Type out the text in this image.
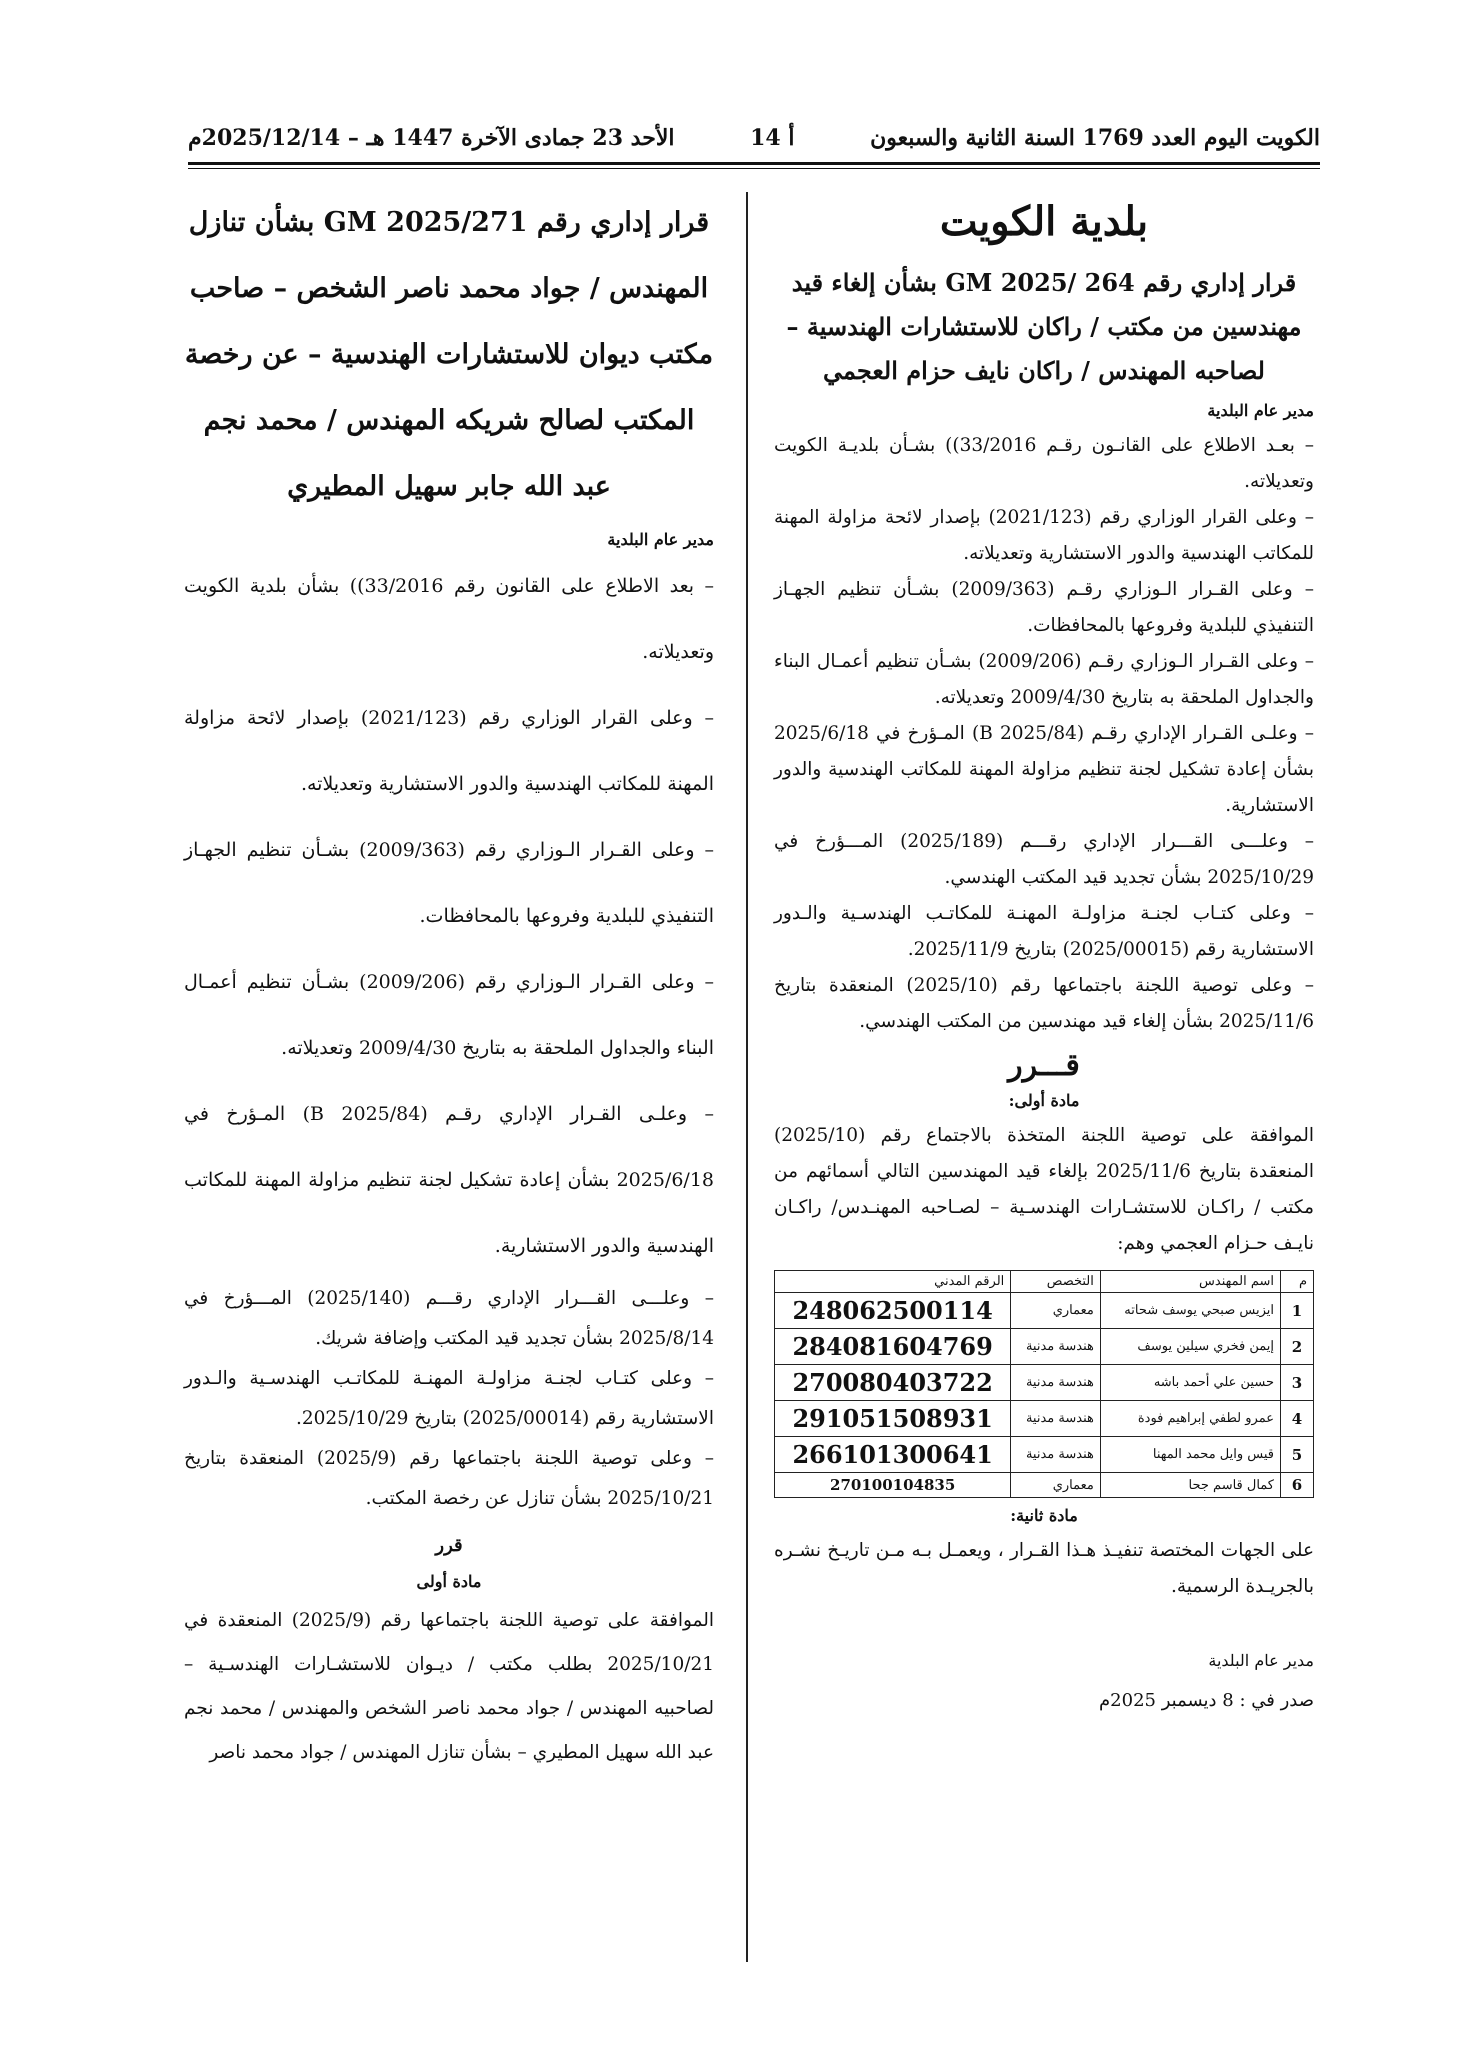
الكويت اليوم العدد 1769 السنة الثانية والسبعون
أ 14
الأحد 23 جمادى الآخرة 1447 هـ – 2025/12/14م
بلدية الكويت
قرار إداري رقم 264 /2025 GM بشأن إلغاء قيد مهندسين من مكتب / راكان للاستشارات الهندسية – لصاحبه المهندس / راكان نايف حزام العجمي
مدير عام البلدية

– بعـد الاطلاع على القانـون رقـم 33/2016)) بشـأن بلديـة الكويت وتعديلاته.

– وعلى القرار الوزاري رقم (2021/123) بإصدار لائحة مزاولة المهنة للمكاتب الهندسية والدور الاستشارية وتعديلاته.

– وعلى القـرار الـوزاري رقـم (2009/363) بشـأن تنظيم الجهـاز التنفيذي للبلدية وفروعها بالمحافظات.

– وعلى القـرار الـوزاري رقـم (2009/206) بشـأن تنظيم أعمـال البناء والجداول الملحقة به بتاريخ 2009/4/30 وتعديلاته.

– وعلـى القـرار الإداري رقـم (2025/84 B) المـؤرخ في 2025/6/18 بشأن إعادة تشكيل لجنة تنظيم مزاولة المهنة للمكاتب الهندسية والدور الاستشارية.

– وعلـــى القـــرار الإداري رقـــم (2025/189) المـــؤرخ في 2025/10/29 بشأن تجديد قيد المكتب الهندسي.

– وعلى كتـاب لجنـة مزاولـة المهنـة للمكاتـب الهندسـية والـدور الاستشارية رقم (2025/00015) بتاريخ 2025/11/9.

– وعلى توصية اللجنة باجتماعها رقم (2025/10) المنعقدة بتاريخ 2025/11/6 بشأن إلغاء قيد مهندسين من المكتب الهندسي.

قـــرر
مادة أولى:

الموافقة على توصية اللجنة المتخذة بالاجتماع رقم (2025/10) المنعقدة بتاريخ 2025/11/6 بإلغاء قيد المهندسين التالي أسمائهم من مكتب / راكـان للاستشـارات الهندسـية – لصـاحبه المهنـدس/ راكـان نايـف حـزام العجمي وهم:

م	اسم المهندس	التخصص	الرقم المدني
1	ايزيس صبحي يوسف شحاته	معماري	248062500114
2	إيمن فخري سيلين يوسف	هندسة مدنية	284081604769
3	حسين علي أحمد باشه	هندسة مدنية	270080403722
4	عمرو لطفي إبراهيم فودة	هندسة مدنية	291051508931
5	قيس وايل محمد المهنا	هندسة مدنية	266101300641
6	كمال قاسم جحا	معماري	270100104835
مادة ثانية:

على الجهات المختصة تنفيـذ هـذا القـرار ، ويعمـل بـه مـن تاريـخ نشـره بالجريـدة الرسمية.

مدير عام البلدية
صدر في : 8 ديسمبر 2025م
قرار إداري رقم 2025/271 GM بشأن تنازل المهندس / جواد محمد ناصر الشخص – صاحب مكتب ديوان للاستشارات الهندسية – عن رخصة المكتب لصالح شريكه المهندس / محمد نجم عبد الله جابر سهيل المطيري
مدير عام البلدية

– بعد الاطلاع على القانون رقم 33/2016)) بشأن بلدية الكويت وتعديلاته.

– وعلى القرار الوزاري رقم (2021/123) بإصدار لائحة مزاولة المهنة للمكاتب الهندسية والدور الاستشارية وتعديلاته.

– وعلى القـرار الـوزاري رقم (2009/363) بشـأن تنظيم الجهـاز التنفيذي للبلدية وفروعها بالمحافظات.

– وعلى القـرار الـوزاري رقم (2009/206) بشـأن تنظيم أعمـال البناء والجداول الملحقة به بتاريخ 2009/4/30 وتعديلاته.

– وعلـى القـرار الإداري رقـم (2025/84 B) المـؤرخ في 2025/6/18 بشأن إعادة تشكيل لجنة تنظيم مزاولة المهنة للمكاتب الهندسية والدور الاستشارية.

– وعلـــى القـــرار الإداري رقـــم (2025/140) المـــؤرخ في 2025/8/14 بشأن تجديد قيد المكتب وإضافة شريك.

– وعلى كتـاب لجنـة مزاولـة المهنـة للمكاتـب الهندسـية والـدور الاستشارية رقم (2025/00014) بتاريخ 2025/10/29.

– وعلى توصية اللجنة باجتماعها رقم (2025/9) المنعقدة بتاريخ 2025/10/21 بشأن تنازل عن رخصة المكتب.

قرر
مادة أولى

الموافقة على توصية اللجنة باجتماعها رقم (2025/9) المنعقدة في 2025/10/21 بطلب مكتب / ديـوان للاستشـارات الهندسـية – لصاحبيه المهندس / جواد محمد ناصر الشخص والمهندس / محمد نجم عبد الله سهيل المطيري – بشأن تنازل المهندس / جواد محمد ناصر
